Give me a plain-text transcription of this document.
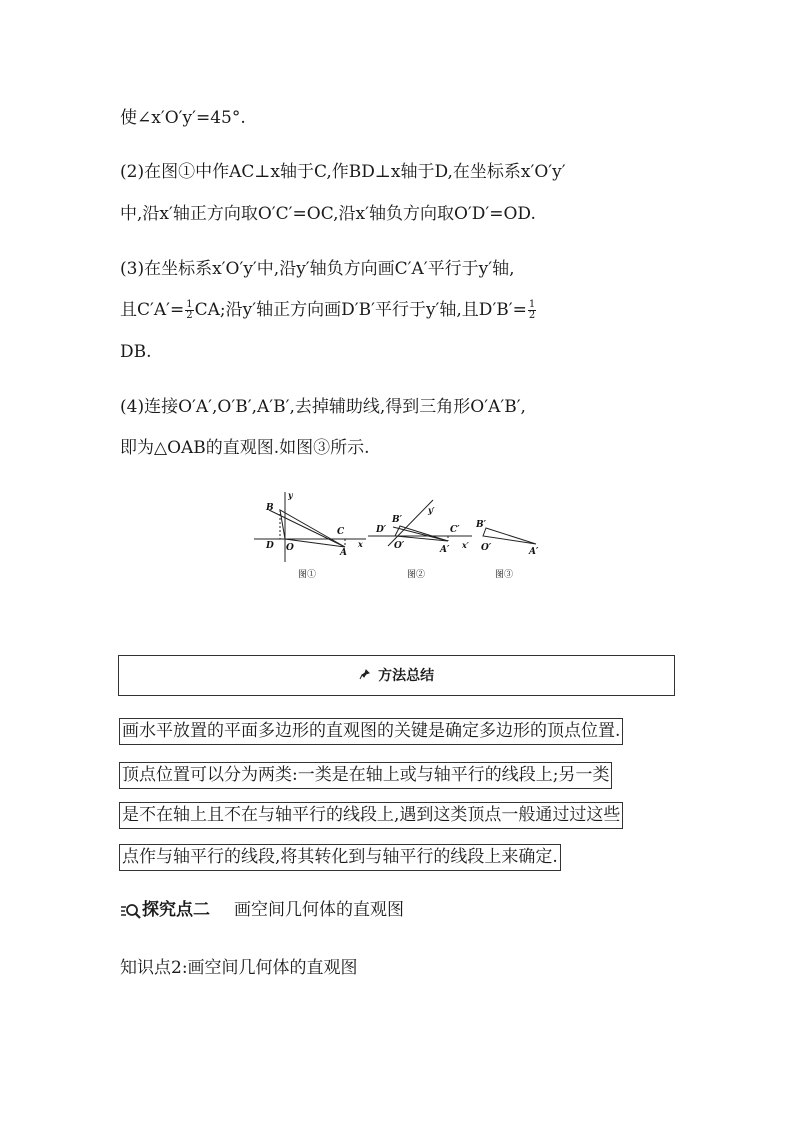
使∠x′O′y′=45°.
(2)在图①中作AC⊥x轴于C,作BD⊥x轴于D,在坐标系x′O′y′
中,沿x′轴正方向取O′C′=OC,沿x′轴负方向取O′D′=OD.
(3)在坐标系x′O′y′中,沿y′轴负方向画C′A′平行于y′轴,
且$C'A'= \frac{1}{2}$ CA;沿y′轴正方向画D′B′平行于y′轴,且$D'B'= \frac{1}{2}$
DB.
(4)连接O′A′,O′B′,A′B′,去掉辅助线,得到三角形O′A′B′,
即为△OAB的直观图.如图③所示.
B
D O
C
A
y
x
图①
B′
D′
O′
C′
A′
y′
x′
图②
B′
O′	A′
图③
方法总结
画水平放置的平面多边形的直观图的关键是确定多边形的顶点位置.
顶点位置可以分为两类:一类是在轴上或与轴平行的线段上;另一类
是不在轴上且不在与轴平行的线段上,遇到这类顶点一般通过过这些
点作与轴平行的线段,将其转化到与轴平行的线段上来确定.
探究点二 画空间几何体的直观图
知识点2:画空间几何体的直观图
